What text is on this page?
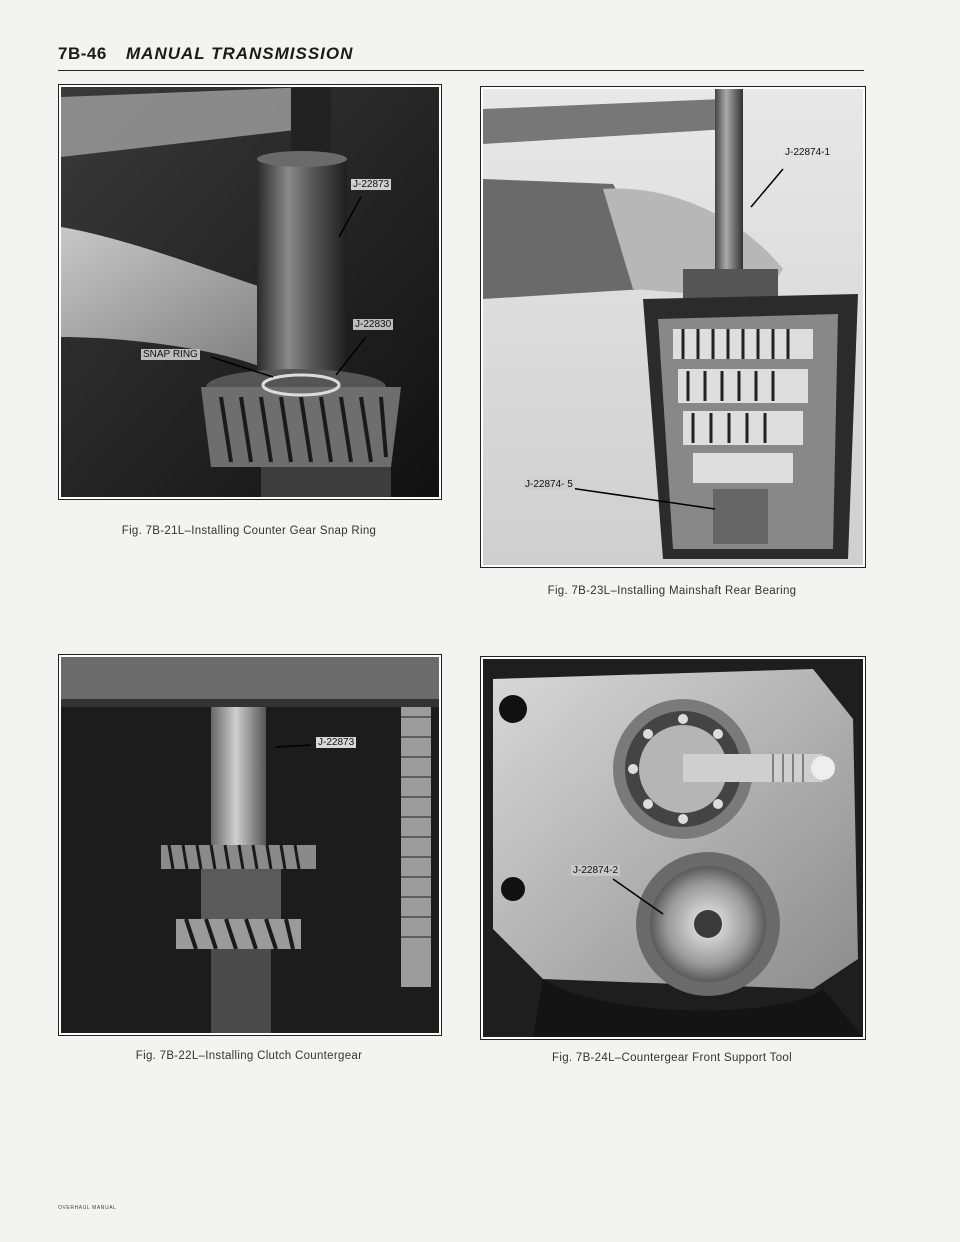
7B-46 MANUAL TRANSMISSION
J-22873
J-22830
SNAP RING
Fig. 7B-21L–Installing Counter Gear Snap Ring
J-22874-1
J-22874- 5
Fig. 7B-23L–Installing Mainshaft Rear Bearing
J-22873
Fig. 7B-22L–Installing Clutch Countergear
J-22874-2
Fig. 7B-24L–Countergear Front Support Tool
OVERHAUL MANUAL
